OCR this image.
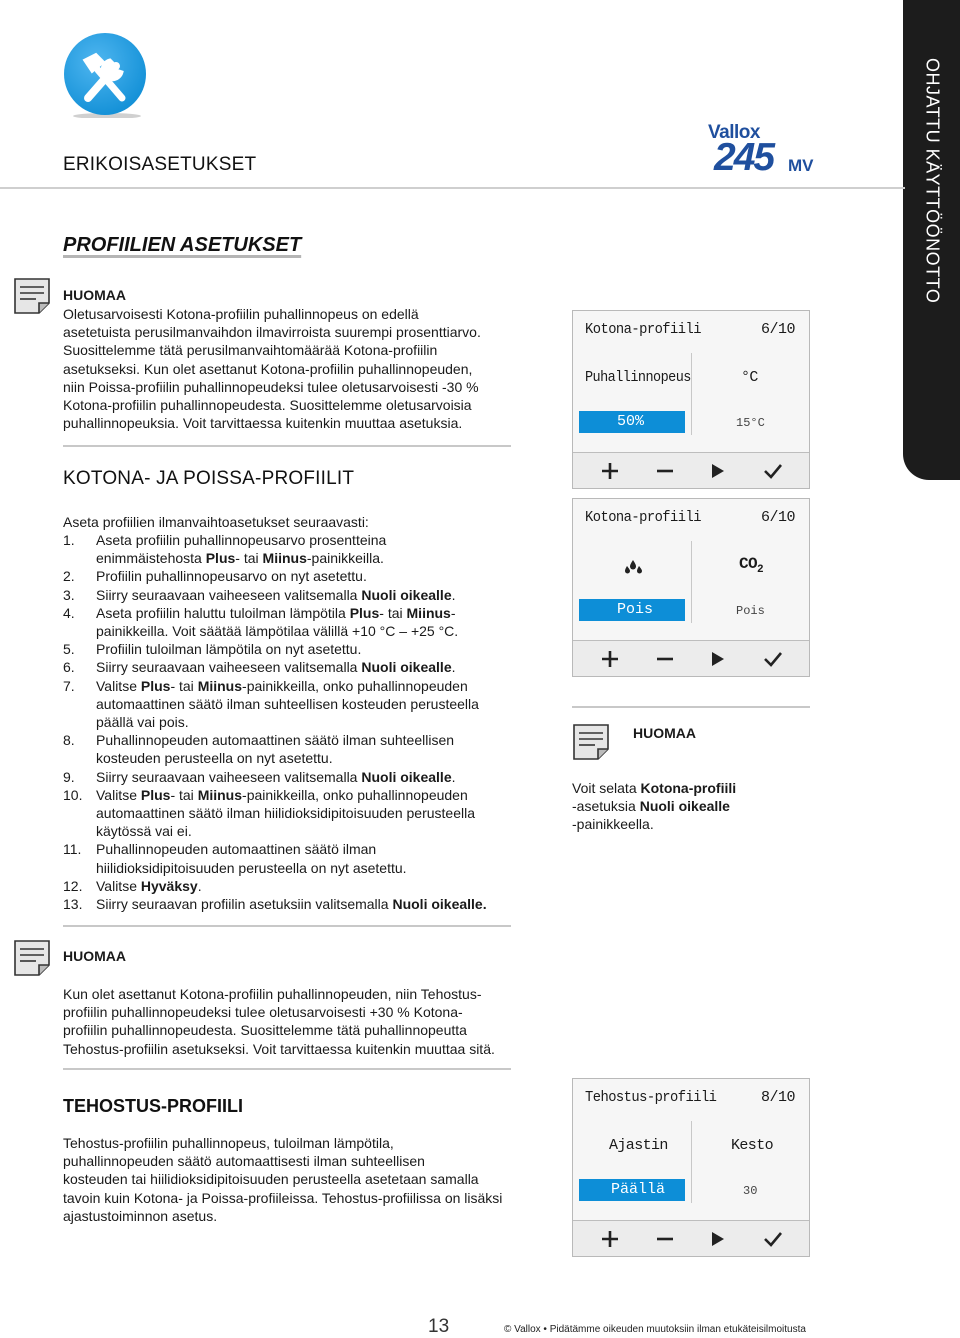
OHJATTU KÄYTTÖÖNOTTO
Vallox
245 MV
ERIKOISASETUKSET
PROFIILIEN ASETUKSET
HUOMAA
Oletusarvoisesti Kotona-profiilin puhallinnopeus on edellä
asetetuista perusilmanvaihdon ilmavirroista suurempi prosenttiarvo.
Suosittelemme tätä perusilmanvaihtomäärää Kotona-profiilin
asetukseksi. Kun olet asettanut Kotona-profiilin puhallinnopeuden,
niin Poissa-profiilin puhallinnopeudeksi tulee oletusarvoisesti -30 %
Kotona-profiilin puhallinnopeudesta. Suosittelemme oletusarvoisia
puhallinnopeuksia. Voit tarvittaessa kuitenkin muuttaa asetuksia.
KOTONA- JA POISSA-PROFIILIT
Aseta profiilien ilmanvaihtoasetukset seuraavasti:
1. Aseta profiilin puhallinnopeusarvo prosentteina
enimmäistehosta Plus- tai Miinus-painikkeilla.
2. Profiilin puhallinnopeusarvo on nyt asetettu.
3. Siirry seuraavaan vaiheeseen valitsemalla Nuoli oikealle.
4. Aseta profiilin haluttu tuloilman lämpötila Plus- tai Miinus-
painikkeilla. Voit säätää lämpötilaa välillä +10 °C – +25 °C.
5. Profiilin tuloilman lämpötila on nyt asetettu.
6. Siirry seuraavaan vaiheeseen valitsemalla Nuoli oikealle.
7. Valitse Plus- tai Miinus-painikkeilla, onko puhallinnopeuden
automaattinen säätö ilman suhteellisen kosteuden perusteella
päällä vai pois.
8. Puhallinnopeuden automaattinen säätö ilman suhteellisen
kosteuden perusteella on nyt asetettu.
9. Siirry seuraavaan vaiheeseen valitsemalla Nuoli oikealle.
10. Valitse Plus- tai Miinus-painikkeilla, onko puhallinnopeuden
automaattinen säätö ilman hiilidioksidipitoisuuden perusteella
käytössä vai ei.
11. Puhallinnopeuden automaattinen säätö ilman
hiilidioksidipitoisuuden perusteella on nyt asetettu.
12. Valitse Hyväksy.
13. Siirry seuraavan profiilin asetuksiin valitsemalla Nuoli oikealle.
HUOMAA
Kun olet asettanut Kotona-profiilin puhallinnopeuden, niin Tehostus-
profiilin puhallinnopeudeksi tulee oletusarvoisesti +30 % Kotona-
profiilin puhallinnopeudesta. Suosittelemme tätä puhallinnopeutta
Tehostus-profiilin asetukseksi. Voit tarvittaessa kuitenkin muuttaa sitä.
TEHOSTUS-PROFIILI
Tehostus-profiilin puhallinnopeus, tuloilman lämpötila,
puhallinnopeuden säätö automaattisesti ilman suhteellisen
kosteuden tai hiilidioksidipitoisuuden perusteella asetetaan samalla
tavoin kuin Kotona- ja Poissa-profiileissa. Tehostus-profiilissa on lisäksi
ajastustoiminnon asetus.
Kotona-profiili	6/10
Puhallinnopeus	°C
50%	15°C
Kotona-profiili	6/10
$CO_2$
Pois	Pois
HUOMAA
Voit selata Kotona-profiili
-asetuksia Nuoli oikealle
-painikkeella.
Tehostus-profiili	8/10
Ajastin	Kesto
Päällä	30
13	© Vallox • Pidätämme oikeuden muutoksiin ilman etukäteisilmoitusta
